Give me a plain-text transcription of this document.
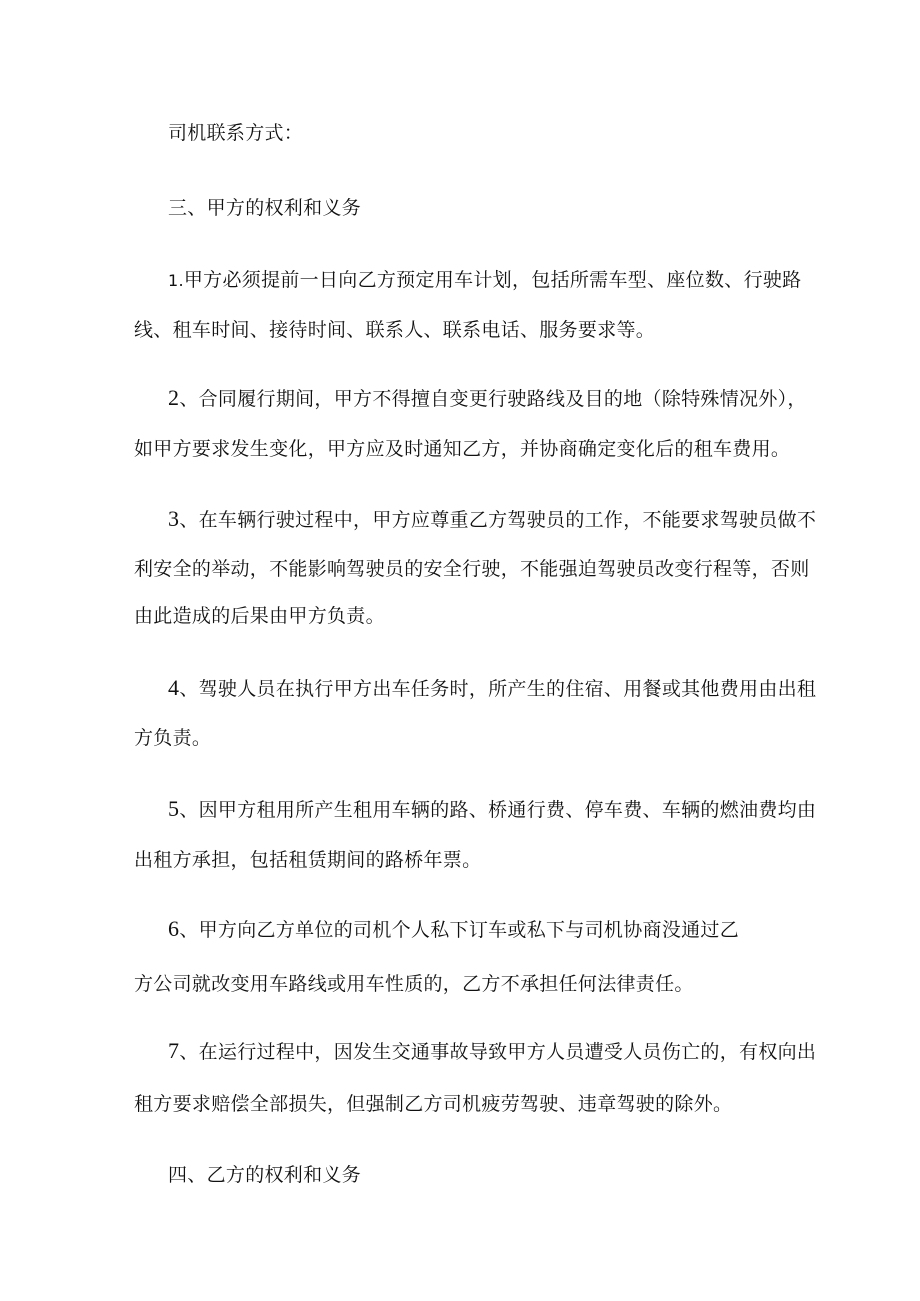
司机联系方式：
三、甲方的权利和义务
1.甲方必须提前一日向乙方预定用车计划，包括所需车型、座位数、行驶路
线、租车时间、接待时间、联系人、联系电话、服务要求等。
2、合同履行期间，甲方不得擅自变更行驶路线及目的地（除特殊情况外），
如甲方要求发生变化，甲方应及时通知乙方，并协商确定变化后的租车费用。
3、在车辆行驶过程中，甲方应尊重乙方驾驶员的工作，不能要求驾驶员做不
利安全的举动，不能影响驾驶员的安全行驶，不能强迫驾驶员改变行程等，否则
由此造成的后果由甲方负责。
4、驾驶人员在执行甲方出车任务时，所产生的住宿、用餐或其他费用由出租
方负责。
5、因甲方租用所产生租用车辆的路、桥通行费、停车费、车辆的燃油费均由
出租方承担，包括租赁期间的路桥年票。
6、甲方向乙方单位的司机个人私下订车或私下与司机协商没通过乙
方公司就改变用车路线或用车性质的，乙方不承担任何法律责任。
7、在运行过程中，因发生交通事故导致甲方人员遭受人员伤亡的，有权向出
租方要求赔偿全部损失，但强制乙方司机疲劳驾驶、违章驾驶的除外。
四、乙方的权利和义务
